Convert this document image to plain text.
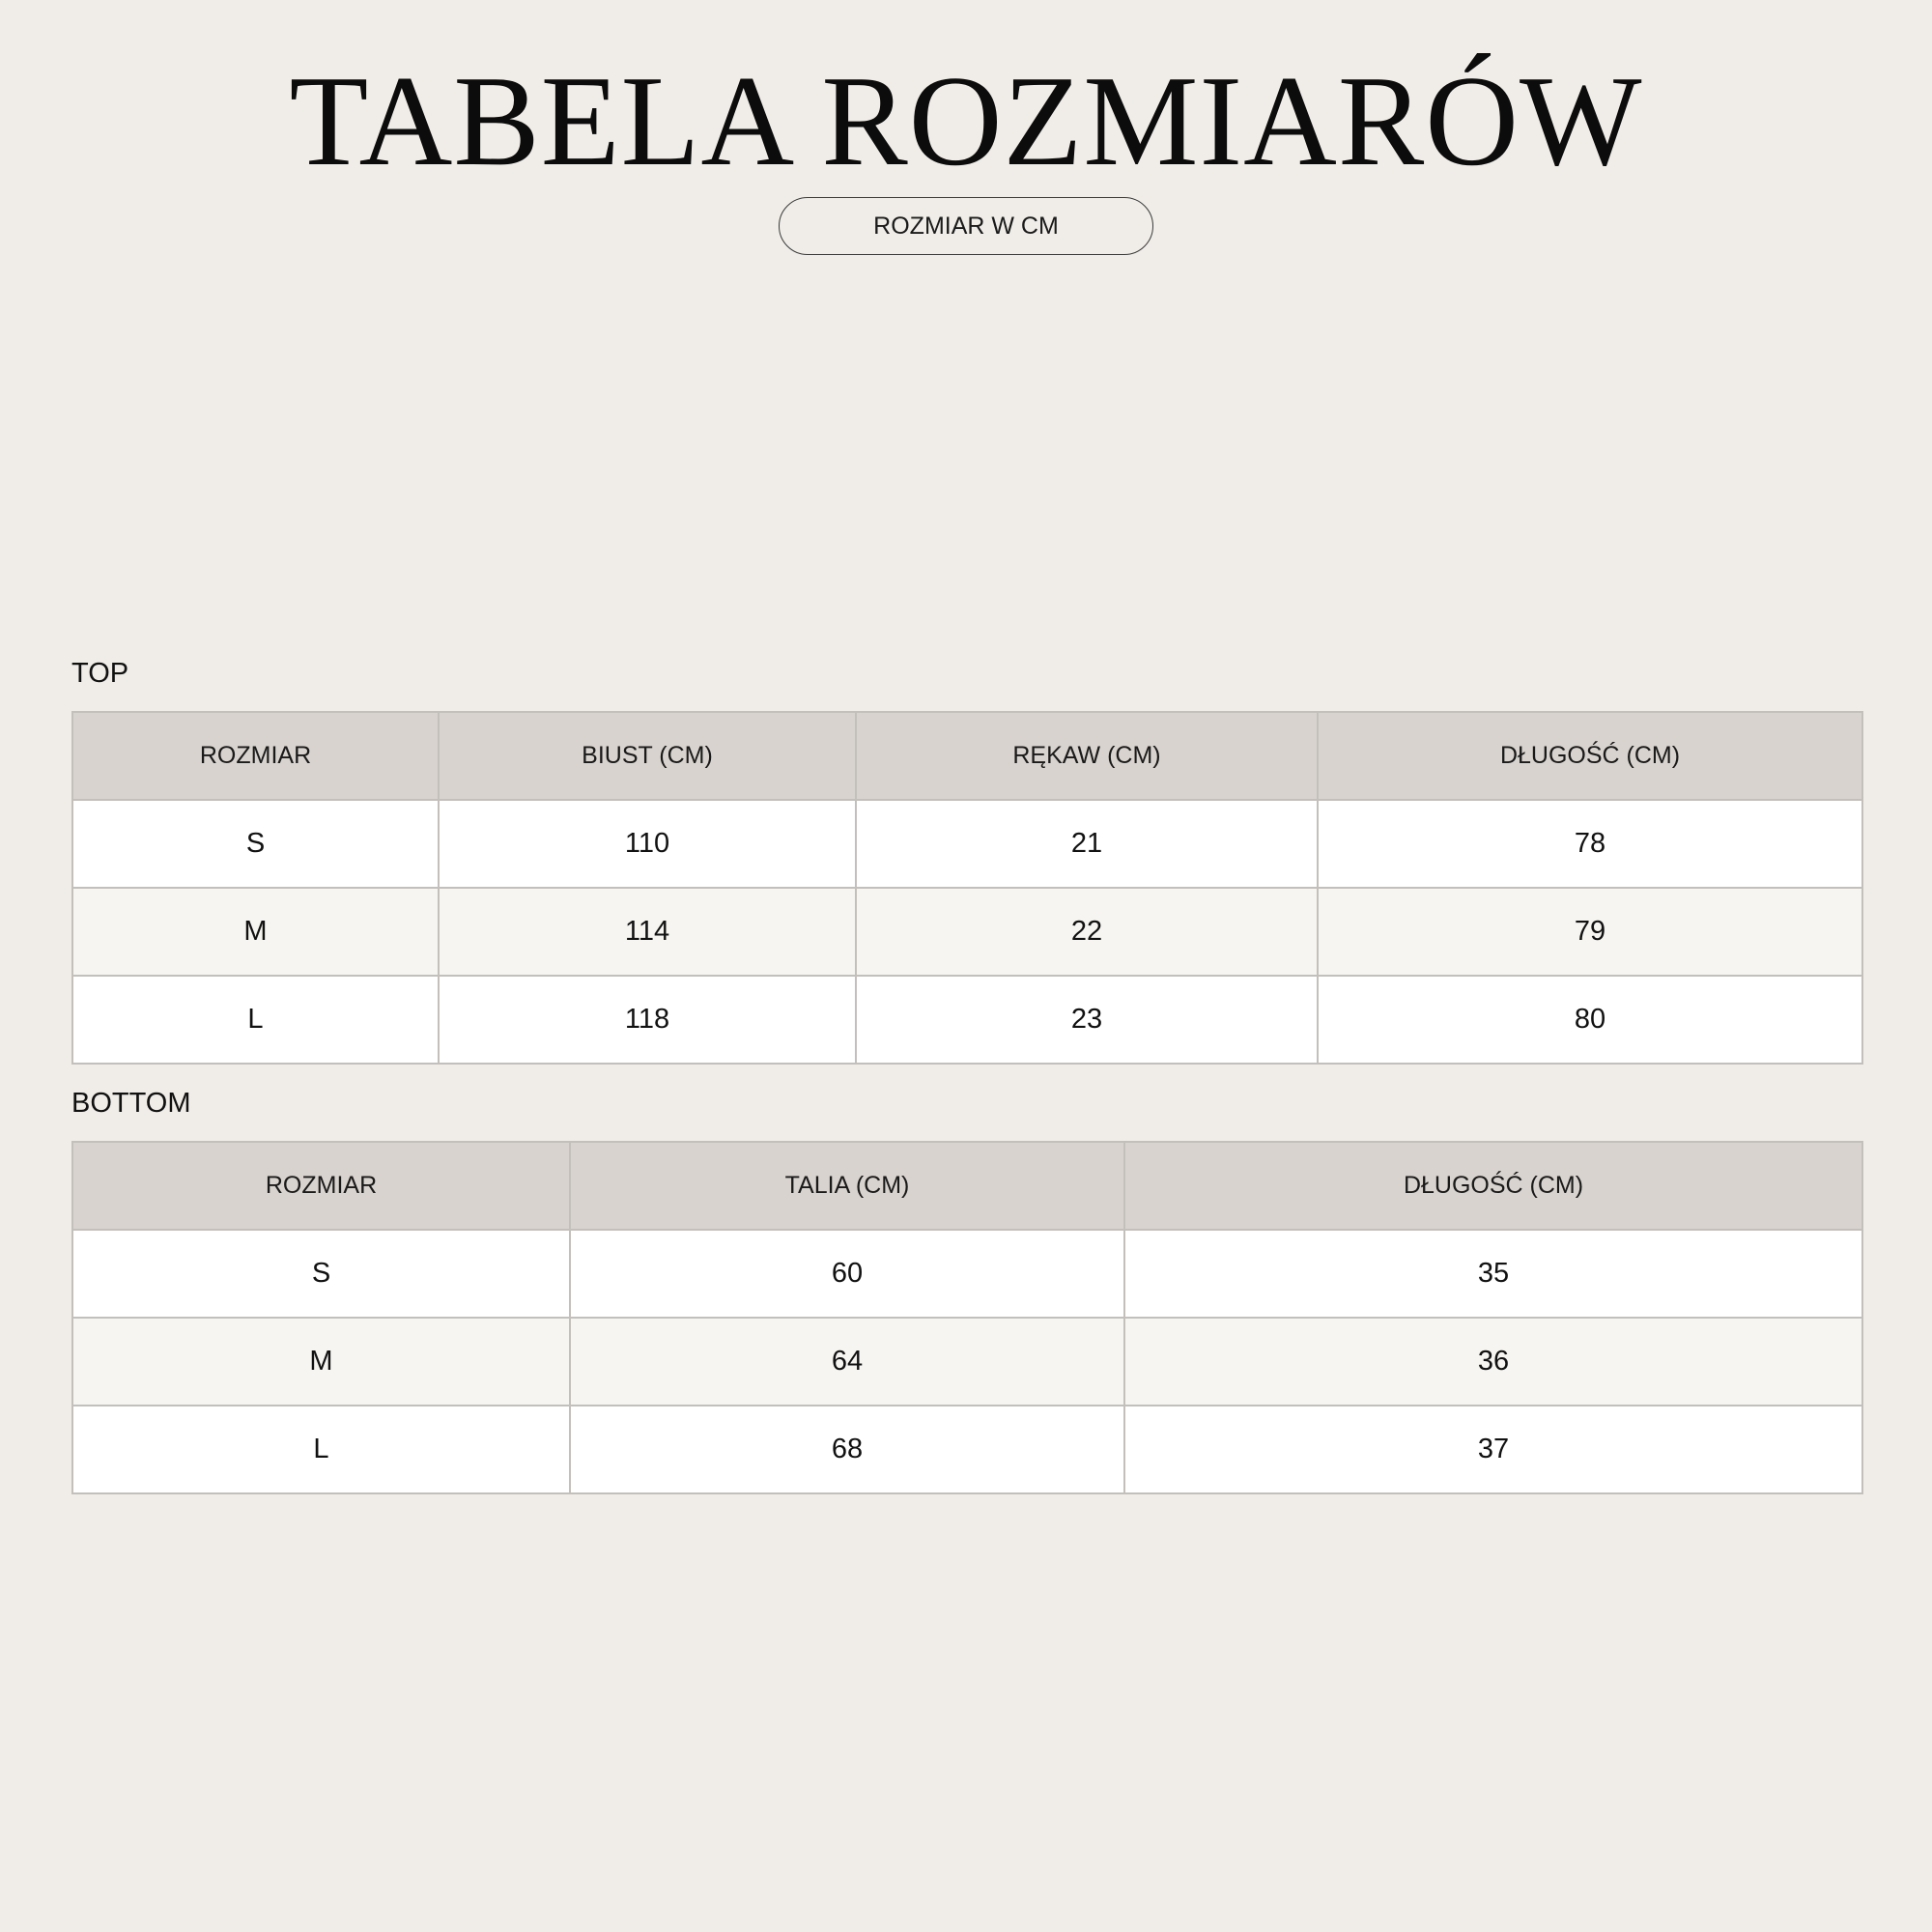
TABELA ROZMIARÓW
ROZMIAR W CM
TOP
ROZMIAR	BIUST (CM)	RĘKAW (CM)	DŁUGOŚĆ (CM)
S	110	21	78
M	114	22	79
L	118	23	80
BOTTOM
ROZMIAR	TALIA (CM)	DŁUGOŚĆ (CM)
S	60	35
M	64	36
L	68	37
